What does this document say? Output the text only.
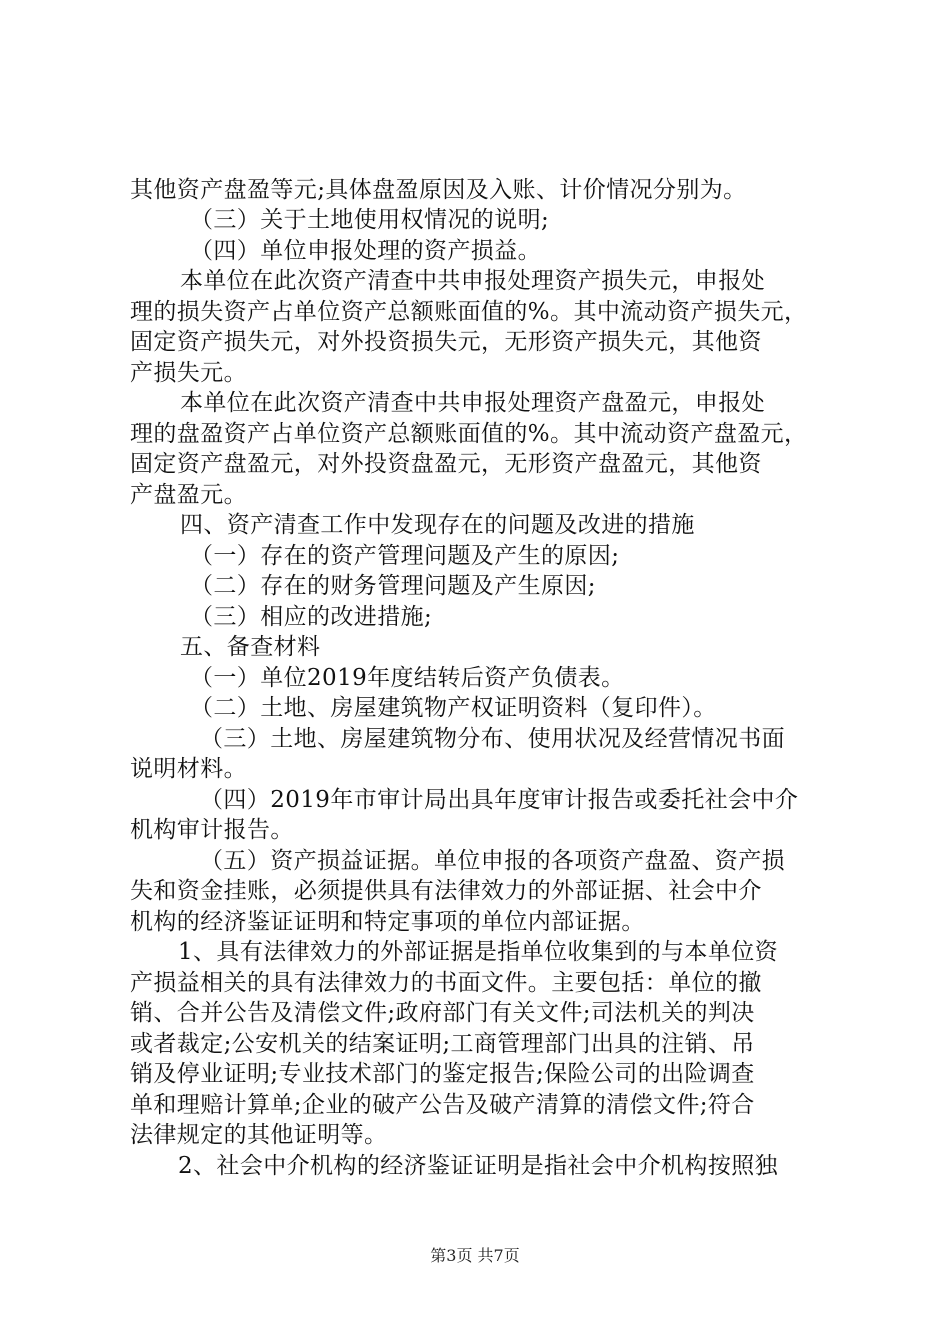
其他资产盘盈等元;具体盘盈原因及入账、计价情况分别为。
（三）关于土地使用权情况的说明;
（四）单位申报处理的资产损益。
本单位在此次资产清查中共申报处理资产损失元，申报处
理的损失资产占单位资产总额账面值的%。其中流动资产损失元，
固定资产损失元，对外投资损失元，无形资产损失元，其他资
产损失元。
本单位在此次资产清查中共申报处理资产盘盈元，申报处
理的盘盈资产占单位资产总额账面值的%。其中流动资产盘盈元，
固定资产盘盈元，对外投资盘盈元，无形资产盘盈元，其他资
产盘盈元。
四、资产清查工作中发现存在的问题及改进的措施
（一）存在的资产管理问题及产生的原因;
（二）存在的财务管理问题及产生原因;
（三）相应的改进措施;
五、备查材料
（一）单位2019年度结转后资产负债表。
（二）土地、房屋建筑物产权证明资料（复印件）。
（三）土地、房屋建筑物分布、使用状况及经营情况书面
说明材料。
（四）2019年市审计局出具年度审计报告或委托社会中介
机构审计报告。
（五）资产损益证据。单位申报的各项资产盘盈、资产损
失和资金挂账，必须提供具有法律效力的外部证据、社会中介
机构的经济鉴证证明和特定事项的单位内部证据。
1、具有法律效力的外部证据是指单位收集到的与本单位资
产损益相关的具有法律效力的书面文件。主要包括：单位的撤
销、合并公告及清偿文件;政府部门有关文件;司法机关的判决
或者裁定;公安机关的结案证明;工商管理部门出具的注销、吊
销及停业证明;专业技术部门的鉴定报告;保险公司的出险调查
单和理赔计算单;企业的破产公告及破产清算的清偿文件;符合
法律规定的其他证明等。
2、社会中介机构的经济鉴证证明是指社会中介机构按照独
第3页 共7页
